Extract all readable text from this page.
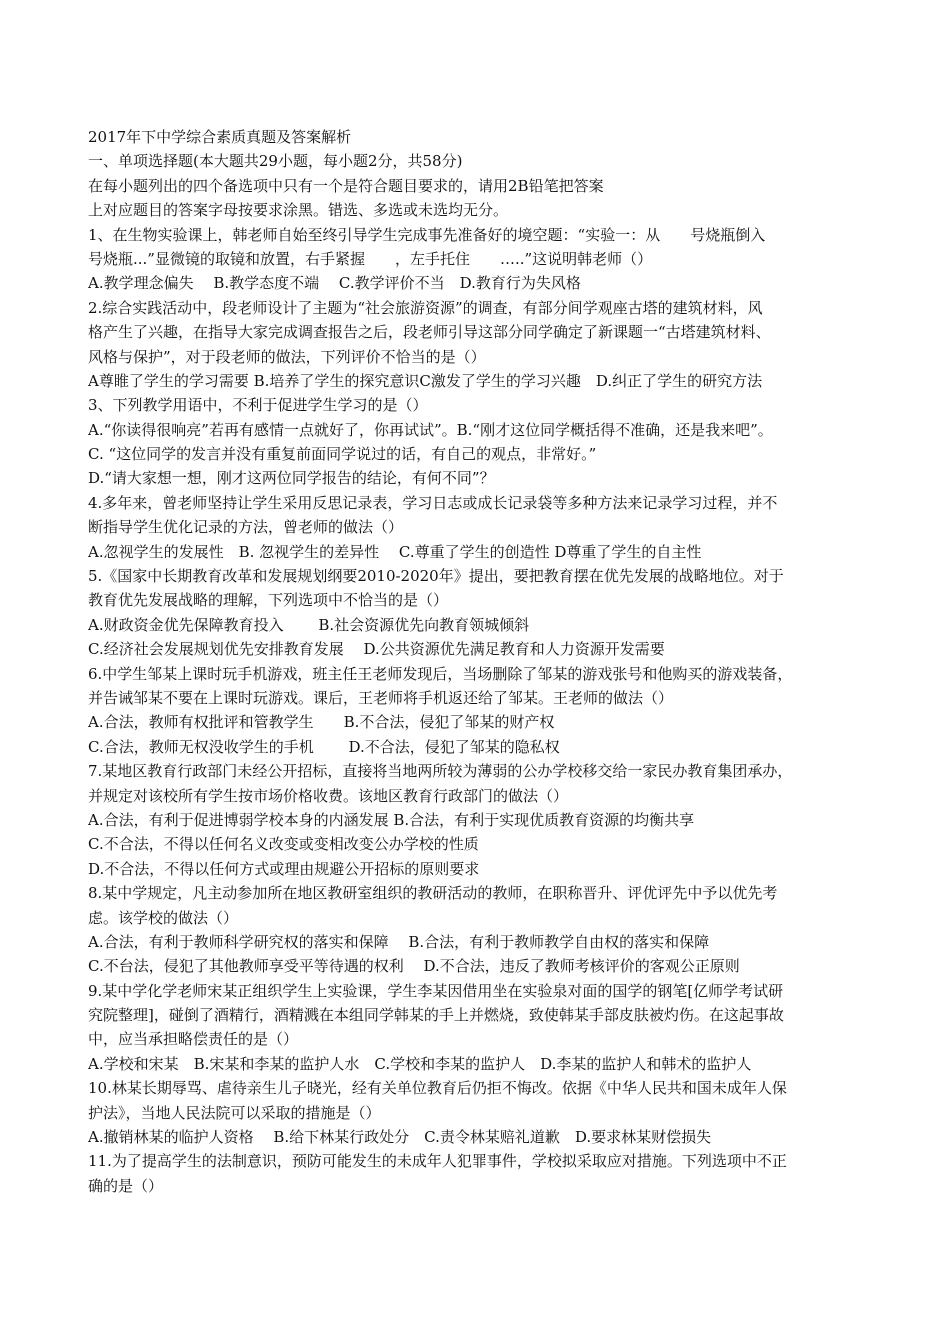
2017年下中学综合素质真题及答案解析
一、单项选择题(本大题共29小题，每小题2分，共58分)
在每小题列出的四个备选项中只有一个是符合题目要求的，请用2B铅笔把答案
上对应题目的答案字母按要求涂黑。错选、多选或未选均无分。
1、在生物实验课上，韩老师自始至终引导学生完成事先准备好的境空题：“实验一：从　　号烧瓶倒入
号烧瓶...”显微镜的取镜和放置，右手紧握　　，左手托住　　…..”这说明韩老师（）
A.教学理念偏失　 B.教学态度不端　 C.教学评价不当　D.教育行为失风格
2.综合实践活动中，段老师设计了主题为“社会旅游资源”的调查，有部分间学观座古塔的建筑材料，风
格产生了兴趣，在指导大家完成调查报告之后，段老师引导这部分同学确定了新课题一“古塔建筑材料、
风格与保护”，对于段老师的做法，下列评价不恰当的是（）
A尊睢了学生的学习需要 B.培养了学生的探究意识C激发了学生的学习兴趣　D.纠正了学生的研究方法
3、下列教学用语中，不利于促进学生学习的是（）
A.“你读得很响亮”若再有感情一点就好了，你再试试”。B.“刚才这位同学概括得不准确，还是我来吧”。
C. “这位同学的发言并没有重复前面同学说过的话，有自己的观点，非常好。”
D.“请大家想一想，刚才这两位同学报告的结论，有何不同”？
4.多年来，曾老师坚持让学生采用反思记录表，学习日志或成长记录袋等多种方法来记录学习过程，并不
断指导学生优化记录的方法，曾老师的做法（）
A.忽视学生的发展性　B. 忽视学生的差异性　 C.尊重了学生的创造性 D尊重了学生的自主性
5.《国家中长期教育改革和发展规划纲要2010-2020年》提出，要把教育摆在优先发展的战略地位。对于
教育优先发展战略的理解，下列选项中不恰当的是（）
A.财政资金优先保障教育投入　　 B.社会资源优先向教育领城倾斜
C.经济社会发展规划优先安排教育发展　 D.公共资源优先满足教育和人力资源开发需要
6.中学生邹某上课时玩手机游戏，班主任王老师发现后，当场删除了邹某的游戏张号和他购买的游戏装备，
并告诫邹某不要在上课时玩游戏。课后，王老师将手机返还给了邹某。王老师的做法（）
A.合法，教师有权批评和管教学生　　B.不合法，侵犯了邹某的财产权
C.合法，教师无权没收学生的手机　　 D.不合法，侵犯了邹某的隐私权
7.某地区教育行政部门未经公开招标，直接将当地两所较为薄弱的公办学校移交给一家民办教育集团承办，
并规定对该校所有学生按市场价格收费。该地区教育行政部门的做法（）
A.合法，有利于促进博弱学校本身的内涵发展 B.合法，有利于实现优质教育资源的均衡共享
C.不合法，不得以任何名义改变或变相改变公办学校的性质
D.不合法，不得以任何方式或理由规避公开招标的原则要求
8.某中学规定，凡主动参加所在地区教研室组织的教研活动的教师，在职称晋升、评优评先中予以优先考
虑。该学校的做法（）
A.合法，有利于教师科学研究权的落实和保障　 B.合法，有利于教师教学自由权的落实和保障
C.不台法，侵犯了其他教师享受平等待遇的权利　 D.不合法，违反了教师考核评价的客观公正原则
9.某中学化学老师宋某正组织学生上实验课，学生李某因借用坐在实验泉对面的国学的钢笔[亿师学考试研
究院整理]，碰倒了酒精行，酒精溅在本组同学韩某的手上并燃烧，致使韩某手部皮肤被灼伤。在这起事故
中，应当承担略偿责任的是（）
A.学校和宋某　B.宋某和李某的监护人水　C.学校和李某的监护人　D.李某的监护人和韩术的监护人
10.林某长期辱骂、虐待亲生儿子晓光，经有关单位教育后仍拒不悔改。依据《中华人民共和国未成年人保
护法》，当地人民法院可以采取的措施是（）
A.撤销林某的临护人资格　 B.给下林某行政处分　C.责令林某赔礼道歉　D.要求林某财偿损失
11.为了提高学生的法制意识，预防可能发生的未成年人犯罪事件，学校拟采取应对措施。下列选项中不正
确的是（）
